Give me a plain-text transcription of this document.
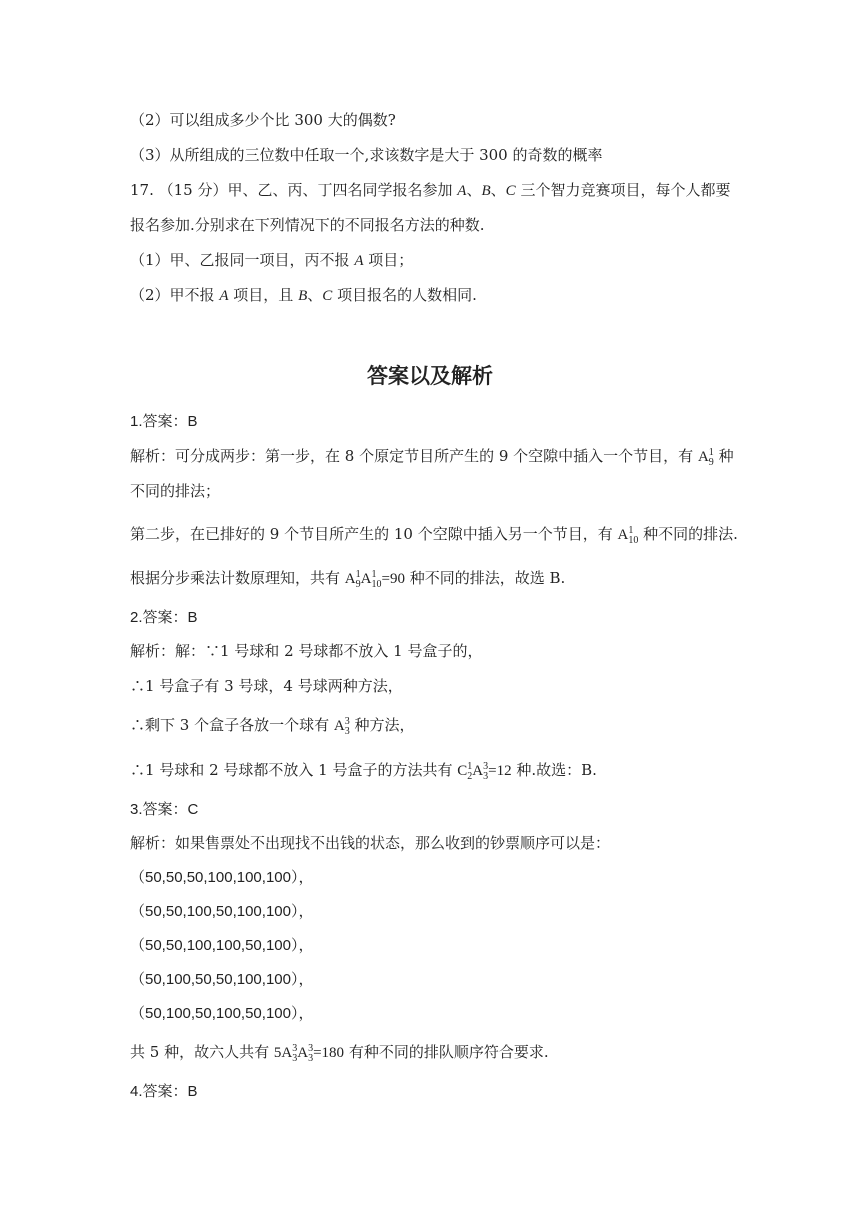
（2）可以组成多少个比 300 大的偶数?
（3）从所组成的三位数中任取一个,求该数字是大于 300 的奇数的概率
17. （15 分）甲、乙、丙、丁四名同学报名参加 A、B、C 三个智力竞赛项目，每个人都要
报名参加.分别求在下列情况下的不同报名方法的种数.
（1）甲、乙报同一项目，丙不报 A 项目；
（2）甲不报 A 项目，且 B、C 项目报名的人数相同.
答案以及解析
1.答案：B
解析：可分成两步：第一步，在 8 个原定节目所产生的 9 个空隙中插入一个节目，有 $A^1_9$ 种
不同的排法；
第二步，在已排好的 9 个节目所产生的 10 个空隙中插入另一个节目，有 $A^1_{10}$ 种不同的排法.
根据分步乘法计数原理知，共有 $A^1_9A^1_{10}=90$ 种不同的排法，故选 B.
2.答案：B
解析：解：∵1 号球和 2 号球都不放入 1 号盒子的，
∴1 号盒子有 3 号球，4 号球两种方法，
∴剩下 3 个盒子各放一个球有 $A^3_3$ 种方法，
∴1 号球和 2 号球都不放入 1 号盒子的方法共有 $C^1_2A^3_3=12$ 种.故选：B.
3.答案：C
解析：如果售票处不出现找不出钱的状态，那么收到的钞票顺序可以是：
（50,50,50,100,100,100），
（50,50,100,50,100,100），
（50,50,100,100,50,100），
（50,100,50,50,100,100），
（50,100,50,100,50,100），
共 5 种，故六人共有 $5A^3_3A^3_3=180$ 有种不同的排队顺序符合要求.
4.答案：B
